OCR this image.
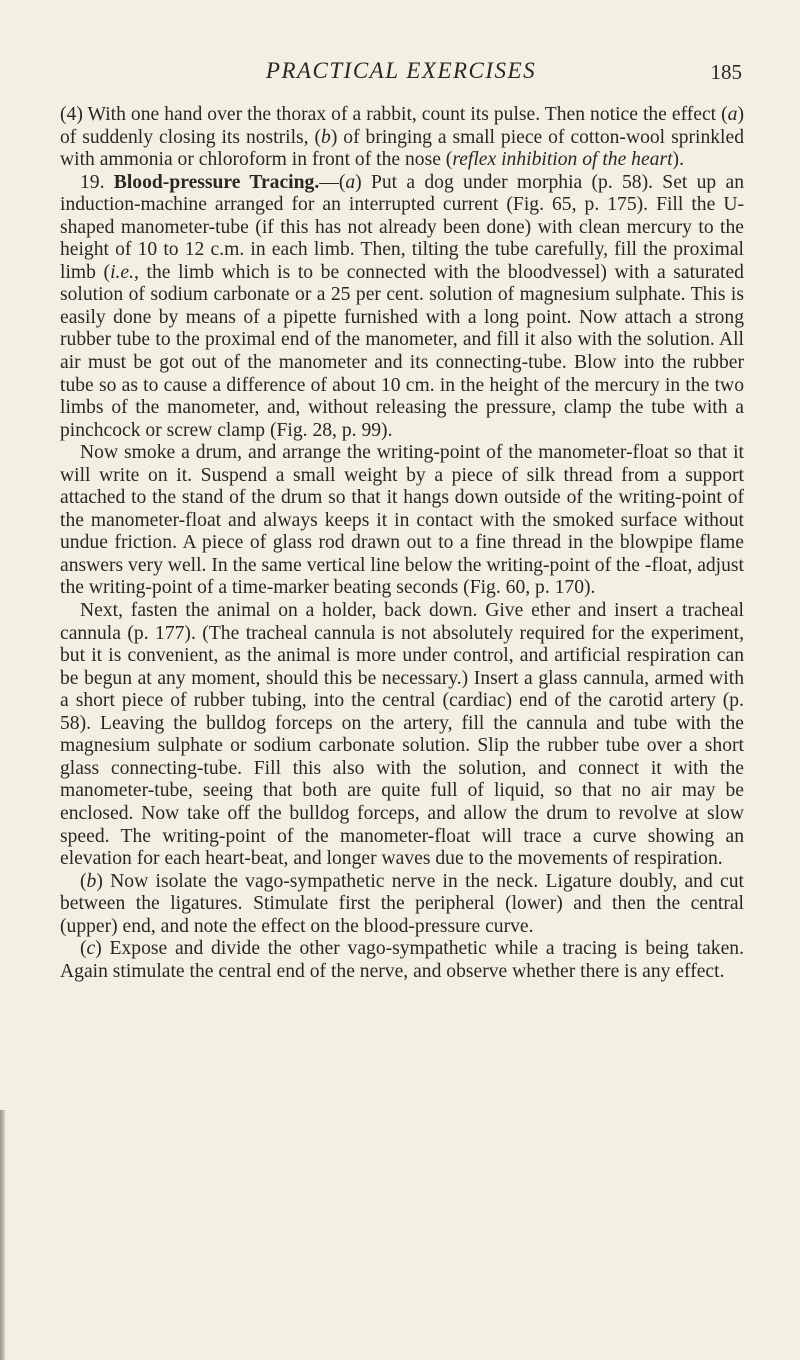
PRACTICAL EXERCISES	185

(4) With one hand over the thorax of a rabbit, count its pulse. Then notice the effect (a) of suddenly closing its nostrils, (b) of bringing a small piece of cotton-wool sprinkled with ammonia or chloroform in front of the nose (reflex inhibition of the heart).

19. Blood-pressure Tracing.—(a) Put a dog under morphia (p. 58). Set up an induction-machine arranged for an interrupted current (Fig. 65, p. 175). Fill the U-shaped manometer-tube (if this has not already been done) with clean mercury to the height of 10 to 12 c.m. in each limb. Then, tilting the tube carefully, fill the proximal limb (i.e., the limb which is to be connected with the bloodvessel) with a saturated solution of sodium carbonate or a 25 per cent. solution of magnesium sulphate. This is easily done by means of a pipette furnished with a long point. Now attach a strong rubber tube to the proximal end of the manometer, and fill it also with the solution. All air must be got out of the manometer and its connecting-tube. Blow into the rubber tube so as to cause a difference of about 10 cm. in the height of the mercury in the two limbs of the manometer, and, without releasing the pressure, clamp the tube with a pinchcock or screw clamp (Fig. 28, p. 99).

Now smoke a drum, and arrange the writing-point of the manometer-float so that it will write on it. Suspend a small weight by a piece of silk thread from a support attached to the stand of the drum so that it hangs down outside of the writing-point of the manometer-float and always keeps it in contact with the smoked surface without undue friction. A piece of glass rod drawn out to a fine thread in the blowpipe flame answers very well. In the same vertical line below the writing-point of the -float, adjust the writing-point of a time-marker beating seconds (Fig. 60, p. 170).

Next, fasten the animal on a holder, back down. Give ether and insert a tracheal cannula (p. 177). (The tracheal cannula is not absolutely required for the experiment, but it is convenient, as the animal is more under control, and artificial respiration can be begun at any moment, should this be necessary.) Insert a glass cannula, armed with a short piece of rubber tubing, into the central (cardiac) end of the carotid artery (p. 58). Leaving the bulldog forceps on the artery, fill the cannula and tube with the magnesium sulphate or sodium carbonate solution. Slip the rubber tube over a short glass connecting-tube. Fill this also with the solution, and connect it with the manometer-tube, seeing that both are quite full of liquid, so that no air may be enclosed. Now take off the bulldog forceps, and allow the drum to revolve at slow speed. The writing-point of the manometer-float will trace a curve showing an elevation for each heart-beat, and longer waves due to the movements of respiration.

(b) Now isolate the vago-sympathetic nerve in the neck. Ligature doubly, and cut between the ligatures. Stimulate first the peripheral (lower) and then the central (upper) end, and note the effect on the blood-pressure curve.

(c) Expose and divide the other vago-sympathetic while a tracing is being taken. Again stimulate the central end of the nerve, and observe whether there is any effect.
